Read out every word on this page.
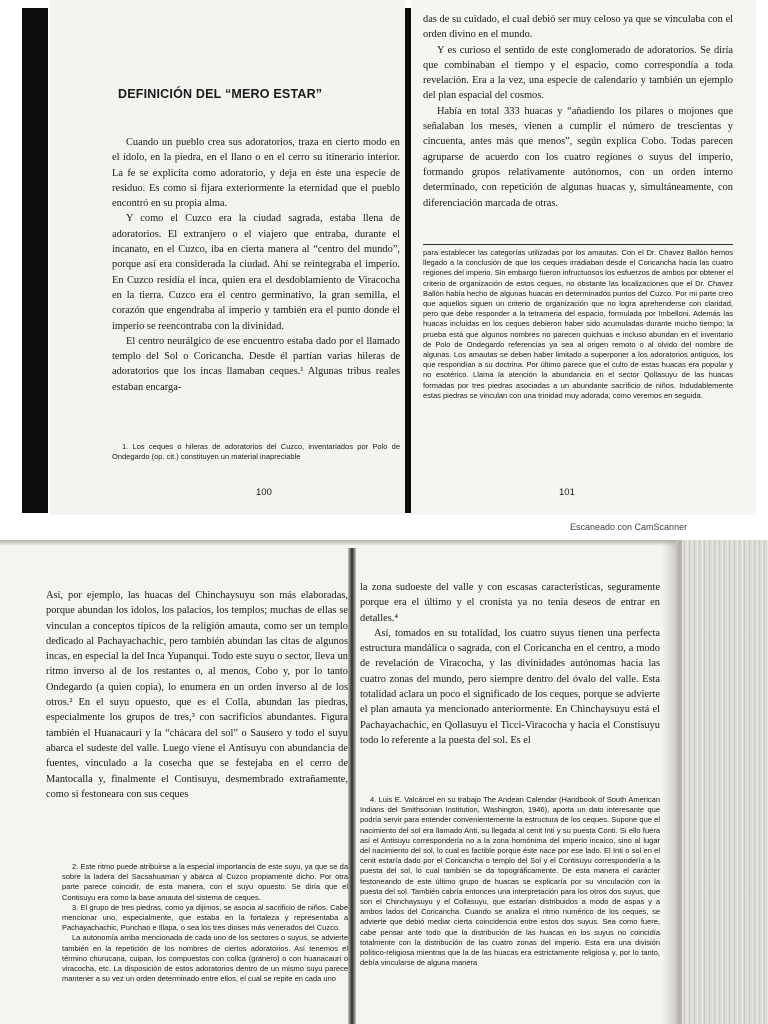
DEFINICIÓN DEL “MERO ESTAR”

Cuando un pueblo crea sus adoratorios, traza en cierto modo en el ídolo, en la piedra, en el llano o en el cerro su itinerario interior. La fe se explicita como adoratorio, y deja en éste una especie de residuo. Es como si fijara exteriormente la eternidad que el pueblo encontró en su propia alma.

Y como el Cuzco era la ciudad sagrada, estaba llena de adoratorios. El extranjero o el viajero que entraba, durante el incanato, en el Cuzco, iba en cierta manera al “centro del mundo”, porque así era considerada la ciudad. Ahí se reintegraba el imperio. En Cuzco residía el inca, quien era el desdoblamiento de Viracocha en la tierra. Cuzco era el centro germinativo, la gran semilla, el corazón que engendraba al imperio y también era el punto donde el imperio se reencontraba con la divinidad.

El centro neurálgico de ese encuentro estaba dado por el llamado templo del Sol o Coricancha. Desde él partían varias hileras de adoratorios que los incas llamaban ceques.¹ Algunas tribus reales estaban encarga-

1. Los ceques o hileras de adoratorios del Cuzco, inventariados por Polo de Ondegardo (op. cit.) constituyen un material inapreciable

100

das de su cuidado, el cual debió ser muy celoso ya que se vinculaba con el orden divino en el mundo.

Y es curioso el sentido de este conglomerado de adoratorios. Se diría que combinaban el tiempo y el espacio, como correspondía a toda revelación. Era a la vez, una especie de calendario y también un ejemplo del plan espacial del cosmos.

Había en total 333 huacas y “añadiendo los pilares o mojones que señalaban los meses, vienen a cumplir el número de trescientas y cincuenta, antes más que menos”, según explica Cobo. Todas parecen agruparse de acuerdo con los cuatro regiones o suyus del imperio, formando grupos relativamente autónomos, con un orden interno determinado, con repetición de algunas huacas y, simultáneamente, con diferenciación marcada de otras.

para establecer las categorías utilizadas por los amautas. Con el Dr. Chavez Ballón hemos llegado a la conclusión de que los ceques irradiaban desde el Coricancha hacia las cuatro regiones del imperio. Sin embargo fueron infructuosos los esfuerzos de ambos por obtener el criterio de organización de estos ceques, no obstante las localizaciones que el Dr. Chavez Ballón había hecho de algunas huacas en determinados puntos del Cuzco. Por mi parte creo que aquellos siguen un criterio de organización que no logra aprehenderse con claridad, pero que debe responder a la tetrameria del espacio, formulada por Imbelloni. Además las huacas incluidas en los ceques debieron haber sido acumuladas durante mucho tiempo; la prueba está que algunos nombres no parecen quichuas e incluso abundan en el inventario de Polo de Ondegardo referencias ya sea al origen remoto o al olvido del nombre de algunas. Los amautas se deben haber limitado a superponer a los adoratorios antiguos, los que respondían a su doctrina. Por último parece que el culto de estas huacas era popular y no esotérico. Llama la atención la abundancia en el sector Qollasuyu de las huacas formadas por tres piedras asociadas a un abundante sacrificio de niños. Indudablemente estas piedras se vinculan con una trinidad muy adorada, como veremos en seguida.

101
Escaneado con CamScanner

Así, por ejemplo, las huacas del Chinchaysuyu son más elaboradas, porque abundan los ídolos, los palacios, los templos; muchas de ellas se vinculan a conceptos típicos de la religión amauta, como ser un templo dedicado al Pachayachachic, pero también abundan las citas de algunos incas, en especial la del Inca Yupanqui. Todo este suyu o sector, lleva un ritmo inverso al de los restantes o, al menos, Cobo y, por lo tanto Ondegardo (a quien copia), lo enumera en un orden inverso al de los otros.² En el suyu opuesto, que es el Colla, abundan las piedras, especialmente los grupos de tres,³ con sacrificios abundantes. Figura también el Huanacauri y la “chácara del sol” o Sausero y todo el suyu abarca el sudeste del valle. Luego viene el Antisuyu con abundancia de fuentes, vinculado a la cosecha que se festejaba en el cerro de Mantocalla y, finalmente el Contisuyu, desmembrado extrañamente, como si festoneara con sus ceques

2. Este ritmo puede atribuirse a la especial importancia de este suyu, ya que se da sobre la ladera del Sacsahuaman y abarca al Cuzco propiamente dicho. Por otra parte parece coincidir, de esta manera, con el suyu opuesto. Se diría que el Contisuyu era como la base amauta del sistema de ceques.

3. El grupo de tres piedras, como ya dijimos, se asocia al sacrificio de niños. Cabe mencionar uno, especialmente, que estaba en la fortaleza y representaba a Pachayachachic, Punchao e Illapa, o sea los tres dioses más venerados del Cuzco.

La autonomía arriba mencionada de cada uno de los sectores o suyus, se advierte también en la repetición de los nombres de ciertos adoratorios. Así tenemos el término churucana, cuipan, los compuestos con collca (granero) o con huanacauri o viracocha, etc. La disposición de estos adoratorios dentro de un mismo suyu parece mantener a su vez un orden determinado entre ellos, el cual se repite en cada uno

la zona sudoeste del valle y con escasas características, seguramente porque era el último y el cronista ya no tenía deseos de entrar en detalles.⁴

Así, tomados en su totalidad, los cuatro suyus tienen una perfecta estructura mandálica o sagrada, con el Coricancha en el centro, a modo de revelación de Viracocha, y las divinidades autónomas hacia las cuatro zonas del mundo, pero siempre dentro del óvalo del valle. Esta totalidad aclara un poco el significado de los ceques, porque se advierte el plan amauta ya mencionado anteriormente. En Chinchaysuyu está el Pachayachachic, en Qollasuyu el Ticci-Viracocha y hacia el Constisuyu todo lo referente a la puesta del sol. Es el

4. Luis E. Valcárcel en su trabajo The Andean Calendar (Handbook of South American Indians del Smithsonian Institution, Washington, 1946), aporta un dato interesante que podría servir para entender convenientemente la estructura de los ceques. Supone que el nacimiento del sol era llamado Anti, su llegada al cenit Inti y su puesta Conti. Si ello fuera así el Antisuyu correspondería no a la zona homónima del imperio incaico, sino al lugar del nacimiento del sol, lo cual es factible porque éste nace por ese lado. El Inti o sol en el cenit estaría dado por el Coricancha o templo del Sol y el Contisuyu correspondería a la puesta del sol, lo cual también se da topográficamente. De esta manera el carácter festoneando de este último grupo de huacas se explicaría por su vinculación con la puesta del sol. También cabría entonces una interpretación para los otros dos suyus, que son el Chinchaysuyu y el Collasuyu, que estarían distribuidos a modo de aspas y a ambos lados del Coricancha. Cuando se analiza el ritmo numérico de los ceques, se advierte que debió mediar cierta coincidencia entre estos dos suyus. Sea como fuere, cabe pensar ante todo que la distribución de las huacas en los suyus no coincidía totalmente con la distribución de las cuatro zonas del imperio. Esta era una división político-religiosa mientras que la de las huacas era estrictamente religiosa y, por lo tanto, debía vincularse de alguna manera
